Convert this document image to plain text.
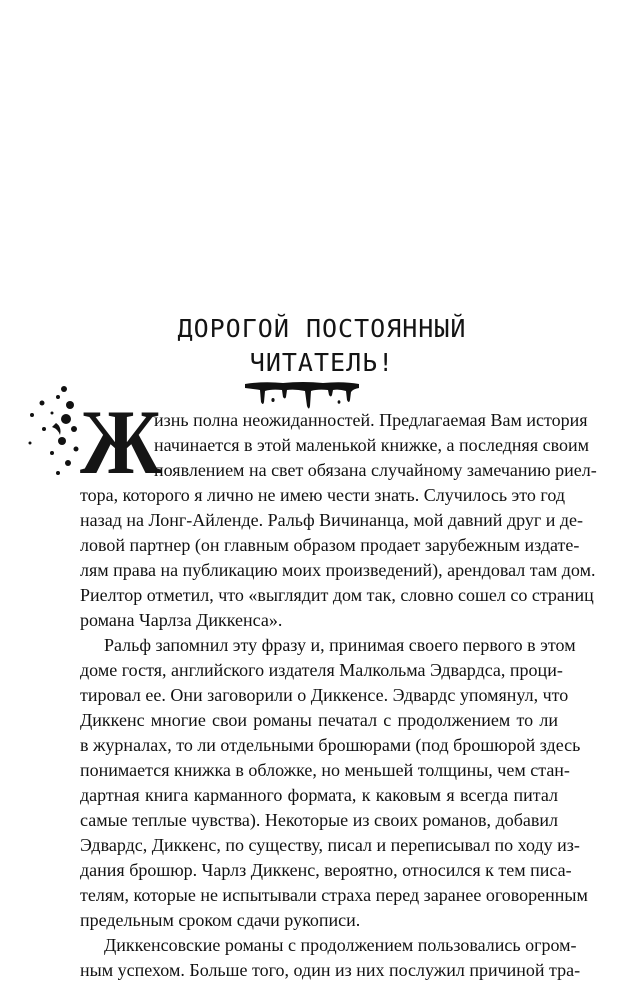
ДОРОГОЙ ПОСТОЯННЫЙ
ЧИТАТЕЛЬ!
Ж
изнь полна неожиданностей. Предлагаемая Вам история
начинается в этой маленькой книжке, а последняя своим
появлением на свет обязана случайному замечанию риел-
тора, которого я лично не имею чести знать. Случилось это год
назад на Лонг-Айленде. Ральф Вичинанца, мой давний друг и де-
ловой партнер (он главным образом продает зарубежным издате-
лям права на публикацию моих произведений), арендовал там дом.
Риелтор отметил, что «выглядит дом так, словно сошел со страниц
романа Чарлза Диккенса».
Ральф запомнил эту фразу и, принимая своего первого в этом
доме гостя, английского издателя Малкольма Эдвардса, проци-
тировал ее. Они заговорили о Диккенсе. Эдвардс упомянул, что
Диккенс многие свои романы печатал с продолжением то ли
в журналах, то ли отдельными брошюрами (под брошюрой здесь
понимается книжка в обложке, но меньшей толщины, чем стан-
дартная книга карманного формата, к каковым я всегда питал
самые теплые чувства). Некоторые из своих романов, добавил
Эдвардс, Диккенс, по существу, писал и переписывал по ходу из-
дания брошюр. Чарлз Диккенс, вероятно, относился к тем писа-
телям, которые не испытывали страха перед заранее оговоренным
предельным сроком сдачи рукописи.
Диккенсовские романы с продолжением пользовались огром-
ным успехом. Больше того, один из них послужил причиной тра-
